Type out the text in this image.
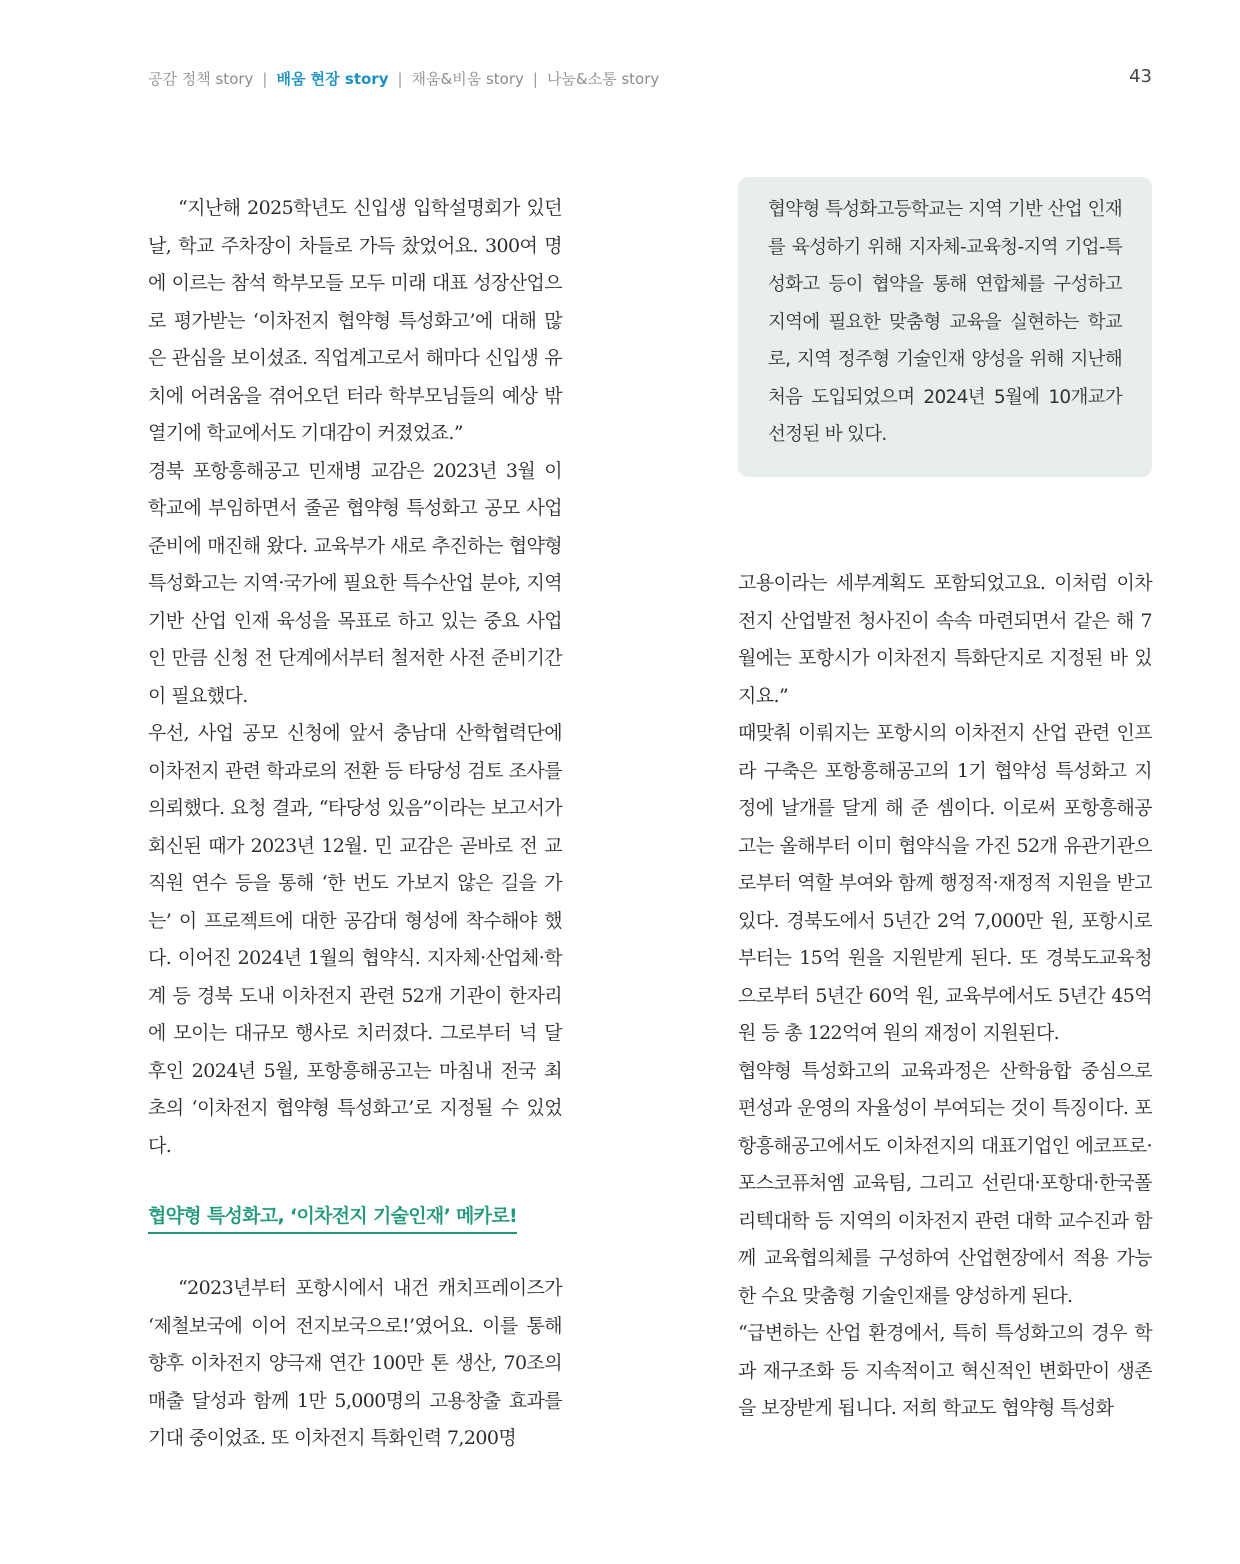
공감 정책 story | 배움 현장 story | 채움&비움 story | 나눔&소통 story	43

“지난해 2025학년도 신입생 입학설명회가 있던 날, 학교 주차장이 차들로 가득 찼었어요. 300여 명에 이르는 참석 학부모들 모두 미래 대표 성장산업으로 평가받는 ‘이차전지 협약형 특성화고’에 대해 많은 관심을 보이셨죠. 직업계고로서 해마다 신입생 유치에 어려움을 겪어오던 터라 학부모님들의 예상 밖 열기에 학교에서도 기대감이 커졌었죠.”

경북 포항흥해공고 민재병 교감은 2023년 3월 이 학교에 부임하면서 줄곧 협약형 특성화고 공모 사업 준비에 매진해 왔다. 교육부가 새로 추진하는 협약형 특성화고는 지역·국가에 필요한 특수산업 분야, 지역 기반 산업 인재 육성을 목표로 하고 있는 중요 사업인 만큼 신청 전 단계에서부터 철저한 사전 준비기간이 필요했다.

우선, 사업 공모 신청에 앞서 충남대 산학협력단에 이차전지 관련 학과로의 전환 등 타당성 검토 조사를 의뢰했다. 요청 결과, “타당성 있음”이라는 보고서가 회신된 때가 2023년 12월. 민 교감은 곧바로 전 교직원 연수 등을 통해 ‘한 번도 가보지 않은 길을 가는’ 이 프로젝트에 대한 공감대 형성에 착수해야 했다. 이어진 2024년 1월의 협약식. 지자체·산업체·학계 등 경북 도내 이차전지 관련 52개 기관이 한자리에 모이는 대규모 행사로 치러졌다. 그로부터 넉 달 후인 2024년 5월, 포항흥해공고는 마침내 전국 최초의 ‘이차전지 협약형 특성화고’로 지정될 수 있었다.

협약형 특성화고, ‘이차전지 기술인재’ 메카로!

“2023년부터 포항시에서 내건 캐치프레이즈가 ‘제철보국에 이어 전지보국으로!’였어요. 이를 통해 향후 이차전지 양극재 연간 100만 톤 생산, 70조의 매출 달성과 함께 1만 5,000명의 고용창출 효과를 기대 중이었죠. 또 이차전지 특화인력 7,200명

협약형 특성화고등학교는 지역 기반 산업 인재를 육성하기 위해 지자체-교육청-지역 기업-특성화고 등이 협약을 통해 연합체를 구성하고 지역에 필요한 맞춤형 교육을 실현하는 학교로, 지역 정주형 기술인재 양성을 위해 지난해 처음 도입되었으며 2024년 5월에 10개교가 선정된 바 있다.

고용이라는 세부계획도 포함되었고요. 이처럼 이차전지 산업발전 청사진이 속속 마련되면서 같은 해 7월에는 포항시가 이차전지 특화단지로 지정된 바 있지요.”

때맞춰 이뤄지는 포항시의 이차전지 산업 관련 인프라 구축은 포항흥해공고의 1기 협약성 특성화고 지정에 날개를 달게 해 준 셈이다. 이로써 포항흥해공고는 올해부터 이미 협약식을 가진 52개 유관기관으로부터 역할 부여와 함께 행정적·재정적 지원을 받고 있다. 경북도에서 5년간 2억 7,000만 원, 포항시로부터는 15억 원을 지원받게 된다. 또 경북도교육청으로부터 5년간 60억 원, 교육부에서도 5년간 45억 원 등 총 122억여 원의 재정이 지원된다.

협약형 특성화고의 교육과정은 산학융합 중심으로 편성과 운영의 자율성이 부여되는 것이 특징이다. 포항흥해공고에서도 이차전지의 대표기업인 에코프로·포스코퓨처엠 교육팀, 그리고 선린대·포항대·한국폴리텍대학 등 지역의 이차전지 관련 대학 교수진과 함께 교육협의체를 구성하여 산업현장에서 적용 가능한 수요 맞춤형 기술인재를 양성하게 된다.

“급변하는 산업 환경에서, 특히 특성화고의 경우 학과 재구조화 등 지속적이고 혁신적인 변화만이 생존을 보장받게 됩니다. 저희 학교도 협약형 특성화
